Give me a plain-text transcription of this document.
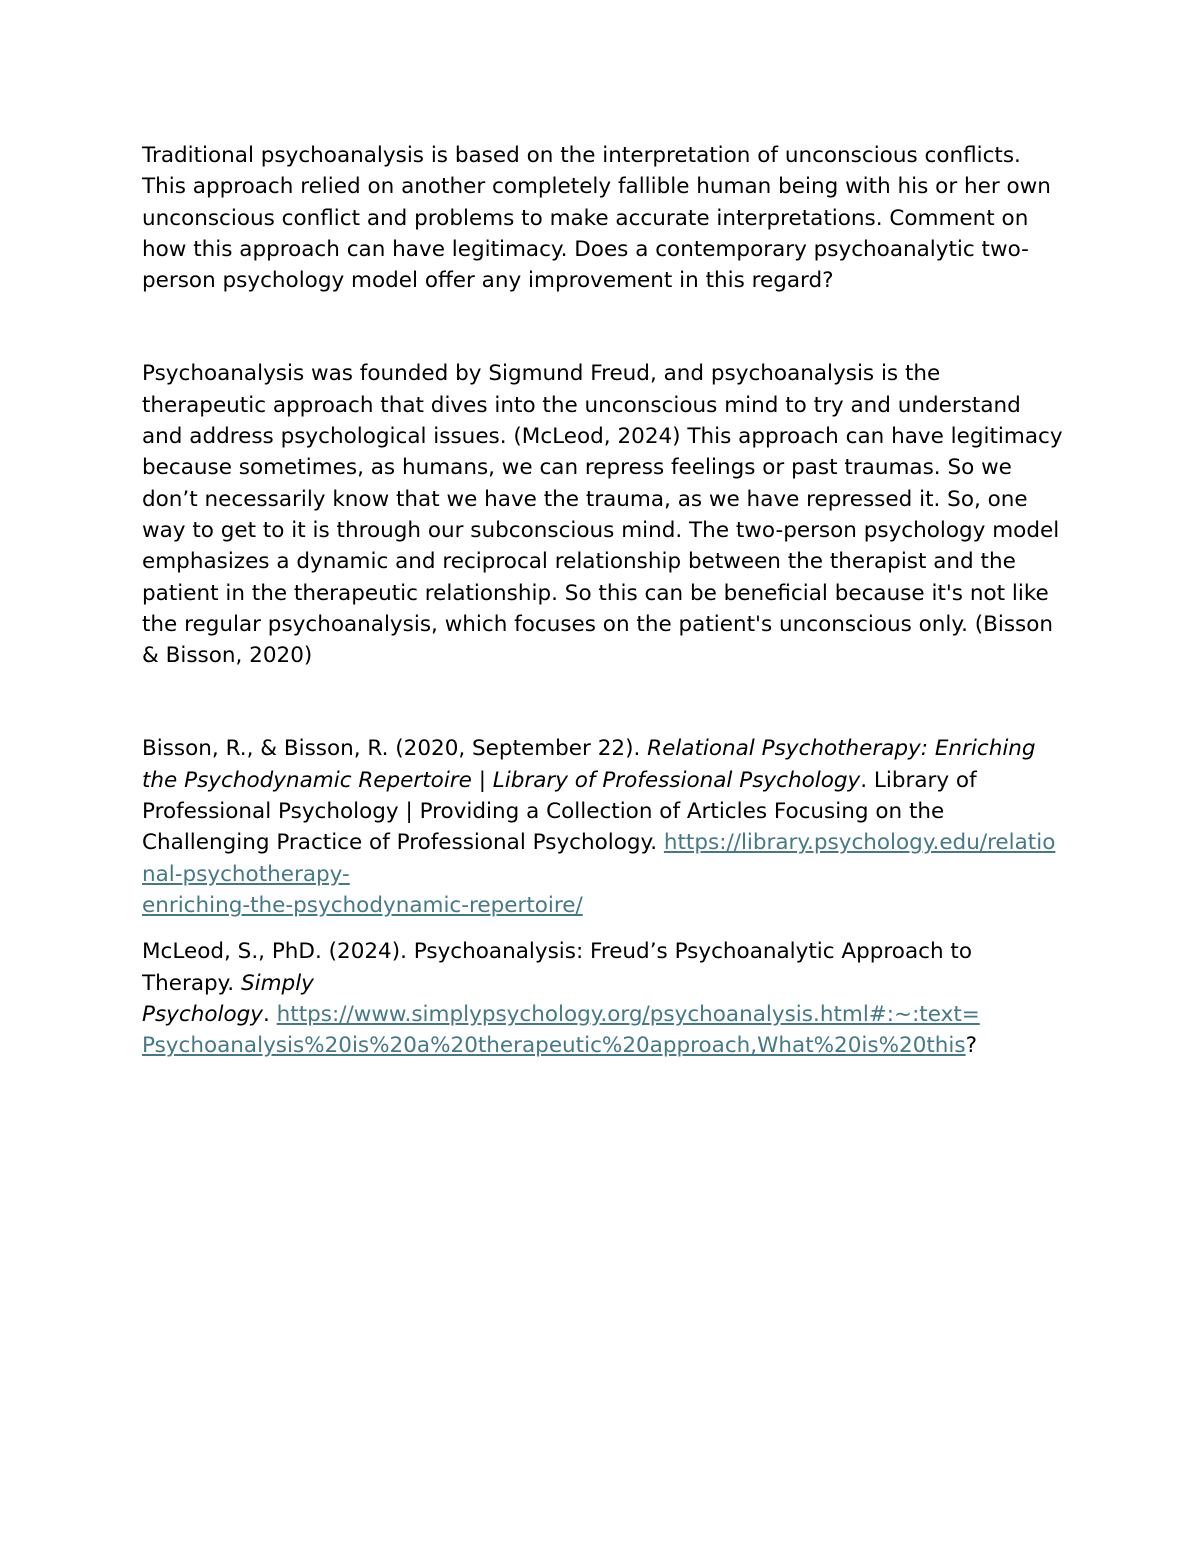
Traditional psychoanalysis is based on the interpretation of unconscious conflicts. This approach relied on another completely fallible human being with his or her own unconscious conflict and problems to make accurate interpretations. Comment on how this approach can have legitimacy. Does a contemporary psychoanalytic two-person psychology model offer any improvement in this regard?

Psychoanalysis was founded by Sigmund Freud, and psychoanalysis is the therapeutic approach that dives into the unconscious mind to try and understand and address psychological issues. (McLeod, 2024) This approach can have legitimacy because sometimes, as humans, we can repress feelings or past traumas. So we don’t necessarily know that we have the trauma, as we have repressed it. So, one way to get to it is through our subconscious mind. The two-person psychology model emphasizes a dynamic and reciprocal relationship between the therapist and the patient in the therapeutic relationship. So this can be beneficial because it's not like the regular psychoanalysis, which focuses on the patient's unconscious only. (Bisson & Bisson, 2020)

Bisson, R., & Bisson, R. (2020, September 22). Relational Psychotherapy: Enriching the Psychodynamic Repertoire | Library of Professional Psychology. Library of Professional Psychology | Providing a Collection of Articles Focusing on the Challenging Practice of Professional Psychology. https://library.psychology.edu/relational-psychotherapy-
enriching-the-psychodynamic-repertoire/

McLeod, S., PhD. (2024). Psychoanalysis: Freud’s Psychoanalytic Approach to Therapy. Simply
Psychology. https://www.simplypsychology.org/psychoanalysis.html#:~:text=
Psychoanalysis%20is%20a%20therapeutic%20approach,What%20is%20this?
